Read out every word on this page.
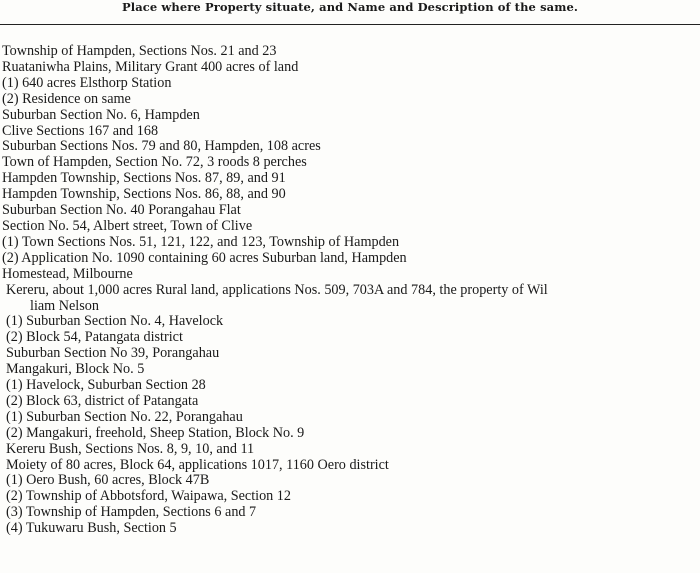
Place where Property situate, and Name and Description of the same.
Township of Hampden, Sections Nos. 21 and 23
Ruataniwha Plains, Military Grant 400 acres of land
(1) 640 acres Elsthorp Station
(2) Residence on same
Suburban Section No. 6, Hampden
Clive Sections 167 and 168
Suburban Sections Nos. 79 and 80, Hampden, 108 acres
Town of Hampden, Section No. 72, 3 roods 8 perches
Hampden Township, Sections Nos. 87, 89, and 91
Hampden Township, Sections Nos. 86, 88, and 90
Suburban Section No. 40 Porangahau Flat
Section No. 54, Albert street, Town of Clive
(1) Town Sections Nos. 51, 121, 122, and 123, Township of Hampden
(2) Application No. 1090 containing 60 acres Suburban land, Hampden
Homestead, Milbourne
Kereru, about 1,000 acres Rural land, applications Nos. 509, 703A and 784, the property of Wil
liam Nelson
(1) Suburban Section No. 4, Havelock
(2) Block 54, Patangata district
Suburban Section No 39, Porangahau
Mangakuri, Block No. 5
(1) Havelock, Suburban Section 28
(2) Block 63, district of Patangata
(1) Suburban Section No. 22, Porangahau
(2) Mangakuri, freehold, Sheep Station, Block No. 9
Kereru Bush, Sections Nos. 8, 9, 10, and 11
Moiety of 80 acres, Block 64, applications 1017, 1160 Oero district
(1) Oero Bush, 60 acres, Block 47B
(2) Township of Abbotsford, Waipawa, Section 12
(3) Township of Hampden, Sections 6 and 7
(4) Tukuwaru Bush, Section 5
